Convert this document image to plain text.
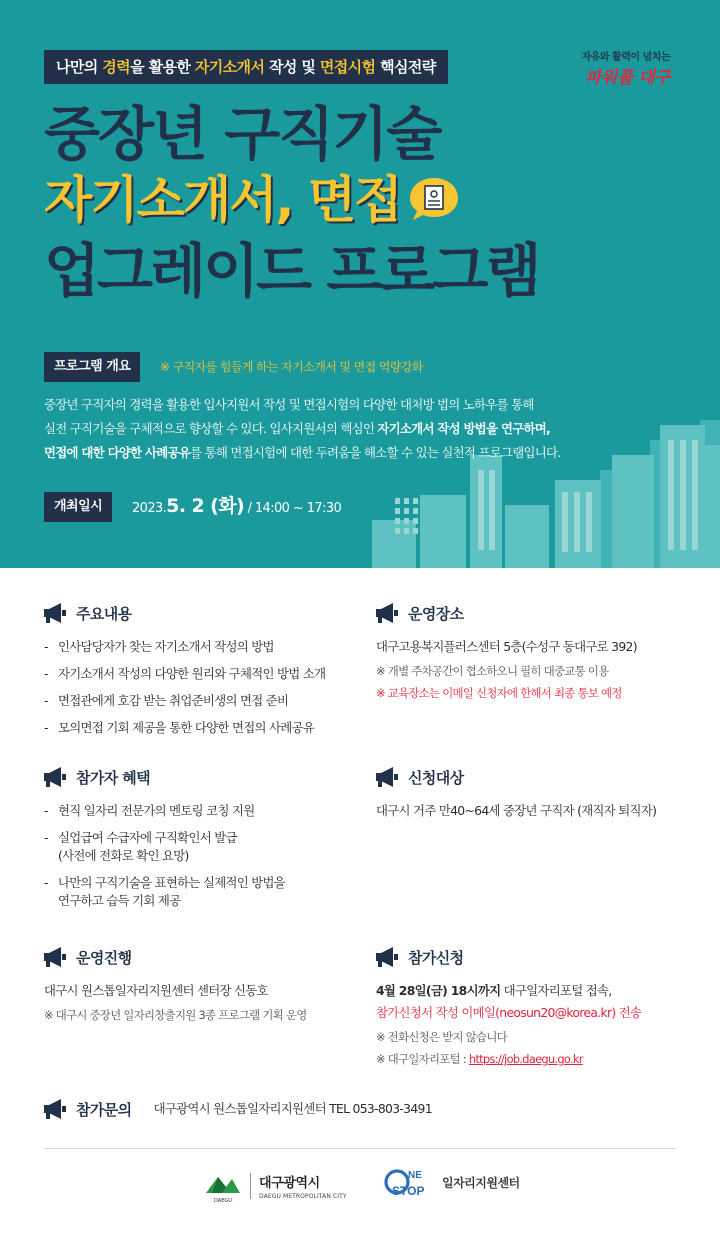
나만의 경력을 활용한 자기소개서 작성 및 면접시험 핵심전략
자유와 활력이 넘치는
파워풀 대구
중장년 구직기술
자기소개서, 면접
업그레이드 프로그램
프로그램 개요	※ 구직자를 힘들게 하는 자기소개서 및 면접 역량강화
중장년 구직자의 경력을 활용한 입사지원서 작성 및 면접시험의 다양한 대처방 법의 노하우를 통해
실전 구직기술을 구체적으로 향상할 수 있다. 입사지원서의 핵심인 자기소개서 작성 방법을 연구하며,
면접에 대한 다양한 사례공유를 통해 면접시험에 대한 두려움을 해소할 수 있는 실천적 프로그램입니다.
개최일시	2023.5. 2 (화) / 14:00 ~ 17:30
주요내용
- 인사담당자가 찾는 자기소개서 작성의 방법
- 자기소개서 작성의 다양한 원리와 구체적인 방법 소개
- 면접관에게 호감 받는 취업준비생의 면접 준비
- 모의면접 기회 제공을 통한 다양한 면접의 사례공유
운영장소
대구고용복지플러스센터 5층(수성구 동대구로 392)
※ 개별 주차공간이 협소하오니 필히 대중교통 이용
※ 교육장소는 이메일 신청자에 한해서 최종 통보 예정
참가자 혜택
- 현직 일자리 전문가의 멘토링 코칭 지원
- 실업급여 수급자에 구직확인서 발급
(사전에 전화로 확인 요망)
- 나만의 구직기술을 표현하는 실제적인 방법을
연구하고 습득 기회 제공
신청대상
대구시 거주 만40~64세 중장년 구직자 (재직자 퇴직자)
운영진행
대구시 원스톱일자리지원센터 센터장 신동호
※ 대구시 중장년 일자리창출지원 3종 프로그램 기획 운영
참가신청
4월 28일(금) 18시까지 대구일자리포털 접속,
참가신청서 작성 이메일(neosun20@korea.kr) 전송
※ 전화신청은 받지 않습니다
※ 대구일자리포털 : https://job.daegu.go.kr
참가문의 대구광역시 원스톱일자리지원센터 TEL 053-803-3491
DAEGU
대구광역시
DAEGU METROPOLITAN CITY
NE
STOP
일자리지원센터
